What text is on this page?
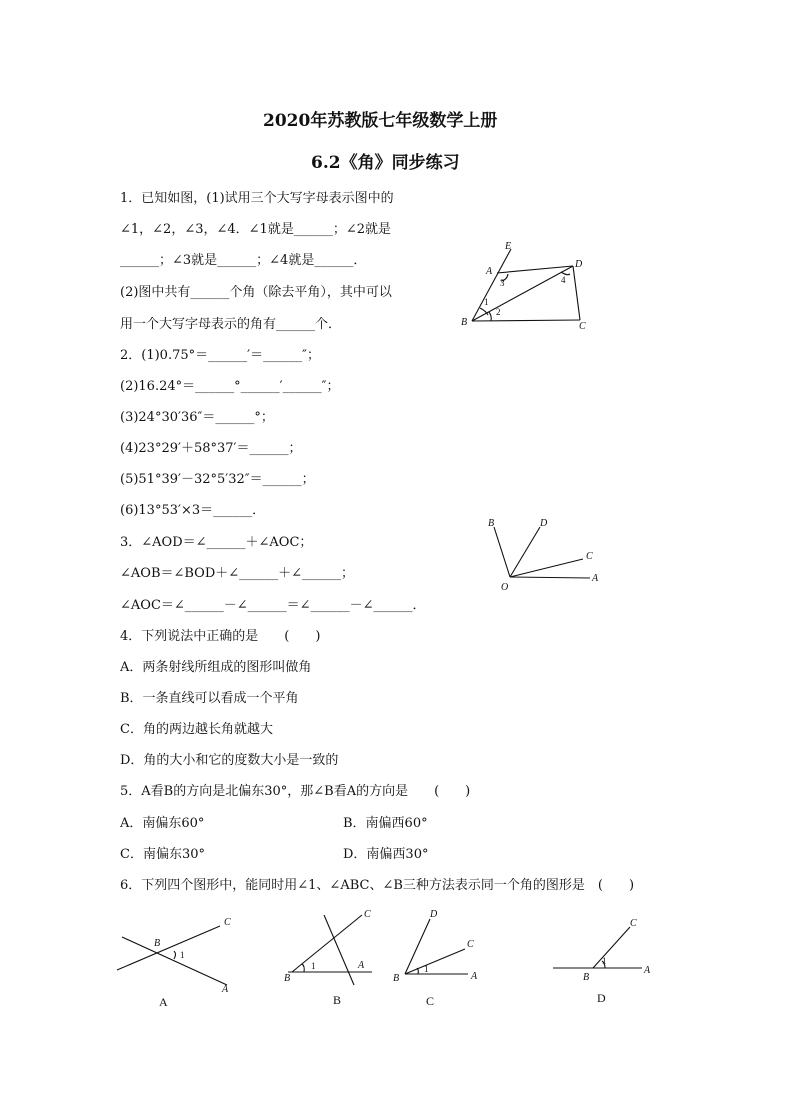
2020年苏教版七年级数学上册
6.2《角》同步练习
1．已知如图，(1)试用三个大写字母表示图中的
∠1，∠2，∠3，∠4．∠1就是______；∠2就是
______；∠3就是______；∠4就是______．
(2)图中共有______个角（除去平角），其中可以
用一个大写字母表示的角有______个．
E
A
D
B	C
1
2
3	4
2．(1)0.75°＝______′＝______″；
(2)16.24°＝______°______′______″；
(3)24°30′36″＝______°；
(4)23°29′＋58°37′＝______；
(5)51°39′－32°5′32″＝______；
(6)13°53′×3＝______．
3．∠AOD＝∠______＋∠AOC；
∠AOB＝∠BOD＋∠______＋∠______；
∠AOC＝∠______－∠______＝∠______－∠______．
B	D
C
A
O
4．下列说法中正确的是　　(　　)
A．两条射线所组成的图形叫做角
B．一条直线可以看成一个平角
C．角的两边越长角就越大
D．角的大小和它的度数大小是一致的
5．A看B的方向是北偏东30°，那∠B看A的方向是　　(　　)
A．南偏东60°	B．南偏西60°
C．南偏东30°	D．南偏西30°
6．下列四个图形中，能同时用∠1、∠ABC、∠B三种方法表示同一个角的图形是　(　　)
C
B
1
A
A
C
B
1	A
B
D
C
B
1
A
C
C
B
1
A
D
